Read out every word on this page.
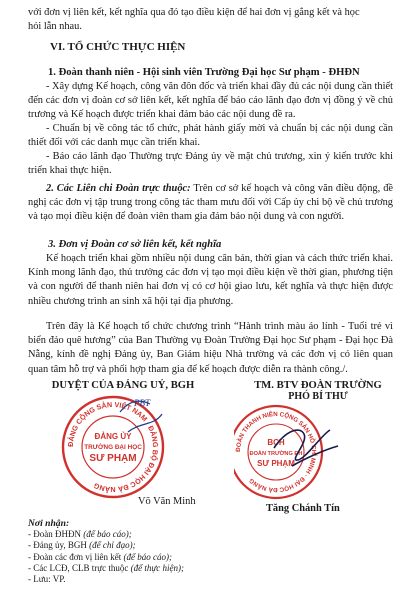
với đơn vị liên kết, kết nghĩa qua đó tạo điều kiện để hai đơn vị gắng kết và học

hỏi lẫn nhau.

VI. TỔ CHỨC THỰC HIỆN

1. Đoàn thanh niên - Hội sinh viên Trường Đại học Sư phạm - ĐHĐN

- Xây dựng Kế hoạch, công văn đôn đốc và triển khai đầy đủ các nội dung cần thiết đến các đơn vị đoàn cơ sở liên kết, kết nghĩa để báo cáo lãnh đạo đơn vị đồng ý về chủ trương và Kế hoạch được triển khai đảm bảo các nội dung đề ra.

- Chuẩn bị về công tác tổ chức, phát hành giấy mời và chuẩn bị các nội dung cần thiết đối với các danh mục cần triển khai.

- Báo cáo lãnh đạo Thường trực Đảng ủy về mặt chủ trương, xin ý kiến trước khi triển khai thực hiện.

2. Các Liên chi Đoàn trực thuộc: Trên cơ sở kế hoạch và công văn điều động, đề nghị các đơn vị tập trung trong công tác tham mưu đối với Cấp ủy chi bộ về chủ trương và tạo mọi điều kiện để đoàn viên tham gia đảm bảo nội dung và con người.

3. Đơn vị Đoàn cơ sở liên kết, kết nghĩa

Kế hoạch triển khai gồm nhiều nội dung cân bản, thời gian và cách thức triển khai. Kính mong lãnh đạo, thủ trưởng các đơn vị tạo mọi điều kiện về thời gian, phương tiện và con người để thanh niên hai đơn vị có cơ hội giao lưu, kết nghĩa và thực hiện được nhiều chương trình an sinh xã hội tại địa phương.

Trên đây là Kế hoạch tổ chức chương trình “Hành trình màu áo lính - Tuổi trẻ vì biển đảo quê hương” của Ban Thường vụ Đoàn Trường Đại học Sư phạm - Đại học Đà Nẵng, kính đề nghị Đảng ủy, Ban Giám hiệu Nhà trường và các đơn vị có liên quan quan tâm hỗ trợ và phối hợp tham gia để kế hoạch được diễn ra thành công./.

DUYỆT CỦA ĐẢNG UỶ, BGH	TM. BTV ĐOÀN TRƯỜNG
PHÓ BÍ THƯ
ĐẢNG CỘNG SẢN VIỆT NAM · ĐẢNG BỘ ĐẠI HỌC ĐÀ NẴNG
ĐẢNG ỦY
TRƯỜNG ĐẠI HỌC
SƯ PHẠM
PBT
ĐOÀN THANH NIÊN CỘNG SẢN HỒ CHÍ MINH · ĐẠI HỌC ĐÀ NẴNG
BCH
ĐOÀN TRƯỜNG ĐH
SƯ PHẠM
Võ Văn Minh
Tăng Chánh Tín
Nơi nhận:
- Đoàn ĐHĐN (để báo cáo);
- Đảng ủy, BGH (để chỉ đạo);
- Đoàn các đơn vị liên kết (để báo cáo);
- Các LCĐ, CLB trực thuộc (để thực hiện);
- Lưu: VP.
